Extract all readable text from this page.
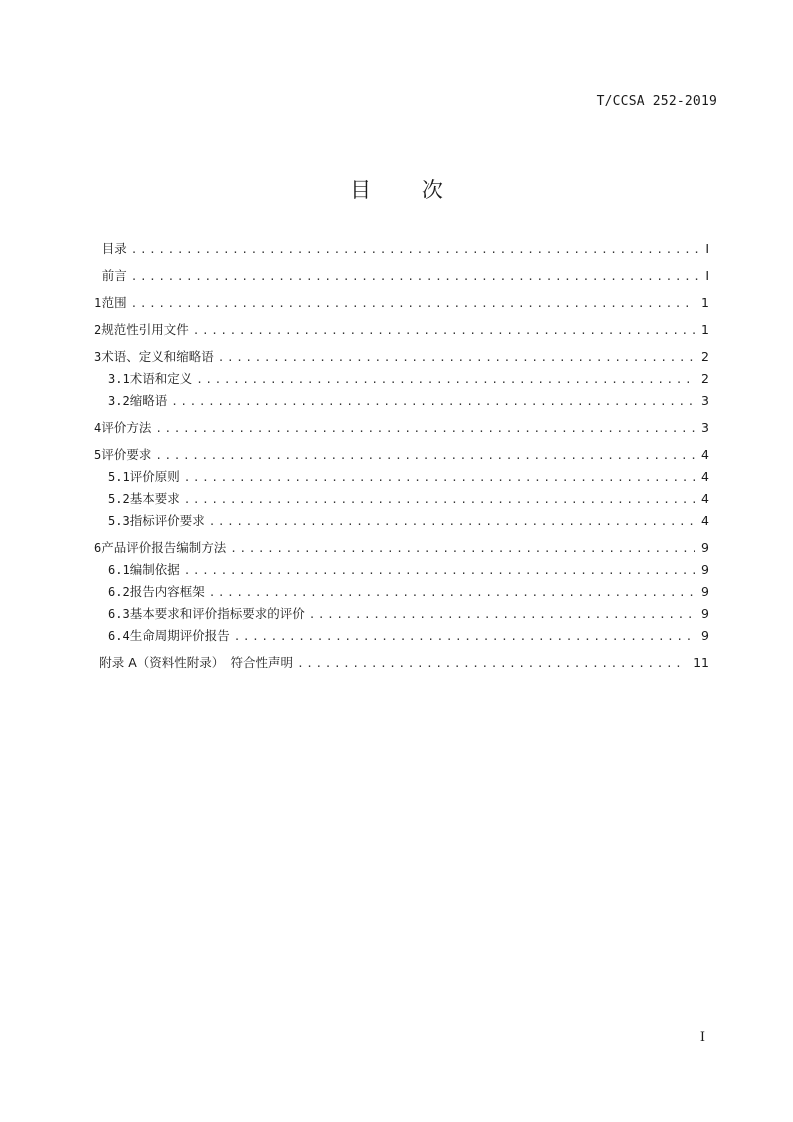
T/CCSA 252-2019
目 次
目录 .....	I
前言 .....	I
1 范围 .....	1
2 规范性引用文件 .....	1
3 术语、定义和缩略语 .....	2
3.1 术语和定义 .....	2
3.2 缩略语 .....	3
4 评价方法 .....	3
5 评价要求 .....	4
5.1 评价原则 .....	4
5.2 基本要求 .....	4
5.3 指标评价要求 .....	4
6 产品评价报告编制方法 .....	9
6.1 编制依据 .....	9
6.2 报告内容框架 .....	9
6.3 基本要求和评价指标要求的评价 .....	9
6.4 生命周期评价报告 .....	9
附录 A（资料性附录）　符合性声明 .....	11
I
